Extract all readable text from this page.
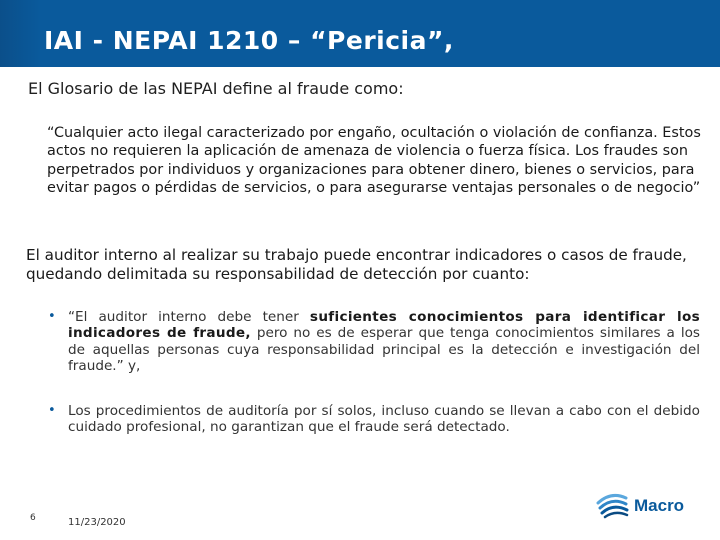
IAI - NEPAI 1210 – “Pericia”,
El Glosario de las NEPAI define al fraude como:
“Cualquier acto ilegal caracterizado por engaño, ocultación o violación de confianza. Estos actos no requieren la aplicación de amenaza de violencia o fuerza física. Los fraudes son perpetrados por individuos y organizaciones para obtener dinero, bienes o servicios, para evitar pagos o pérdidas de servicios, o para asegurarse ventajas personales o de negocio”
El auditor interno al realizar su trabajo puede encontrar indicadores o casos de fraude, quedando delimitada su responsabilidad de detección por cuanto:
• “El auditor interno debe tener suficientes conocimientos para identificar los indicadores de fraude, pero no es de esperar que tenga conocimientos similares a los de aquellas personas cuya responsabilidad principal es la detección e investigación del fraude.” y,
• Los procedimientos de auditoría por sí solos, incluso cuando se llevan a cabo con el debido cuidado profesional, no garantizan que el fraude será detectado.
6	11/23/2020
Macro
